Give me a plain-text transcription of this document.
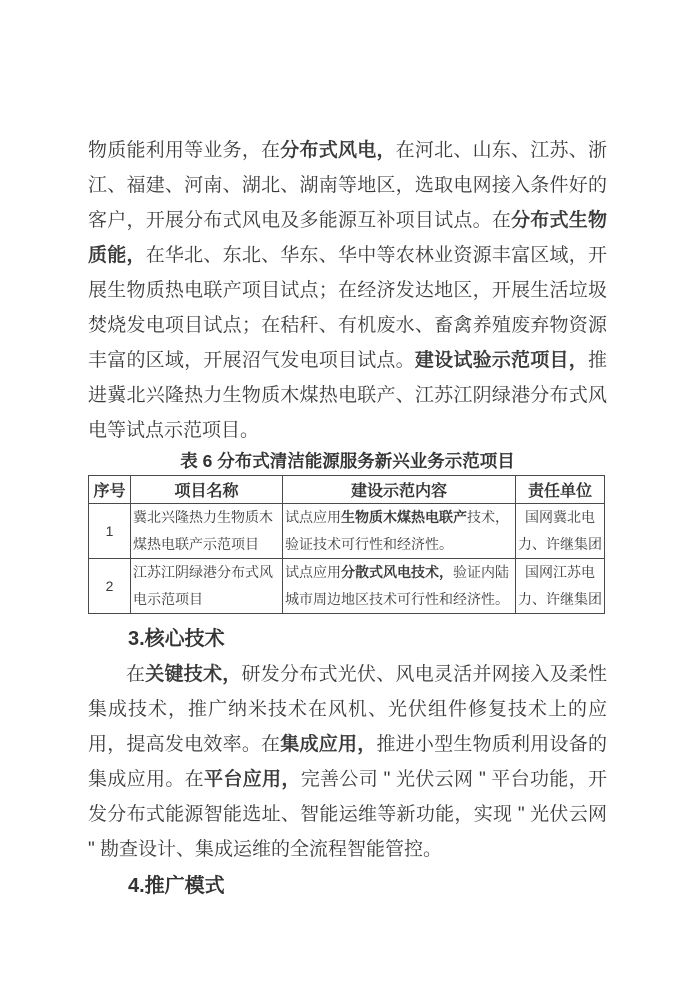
物质能利用等业务，在分布式风电，在河北、山东、江苏、浙江、福建、河南、湖北、湖南等地区，选取电网接入条件好的客户，开展分布式风电及多能源互补项目试点。在分布式生物质能，在华北、东北、华东、华中等农林业资源丰富区域，开展生物质热电联产项目试点；在经济发达地区，开展生活垃圾焚烧发电项目试点；在秸秆、有机废水、畜禽养殖废弃物资源丰富的区域，开展沼气发电项目试点。建设试验示范项目，推进冀北兴隆热力生物质木煤热电联产、江苏江阴绿港分布式风电等试点示范项目。

表 6 分布式清洁能源服务新兴业务示范项目
序号	项目名称	建设示范内容	责任单位
1	冀北兴隆热力生物质木煤热电联产示范项目	试点应用生物质木煤热电联产技术，验证技术可行性和经济性。	国网冀北电力、许继集团
2	江苏江阴绿港分布式风电示范项目	试点应用分散式风电技术，验证内陆城市周边地区技术可行性和经济性。	国网江苏电力、许继集团
3.核心技术

在关键技术，研发分布式光伏、风电灵活并网接入及柔性集成技术，推广纳米技术在风机、光伏组件修复技术上的应用，提高发电效率。在集成应用，推进小型生物质利用设备的集成应用。在平台应用，完善公司 " 光伏云网 " 平台功能，开发分布式能源智能选址、智能运维等新功能，实现 " 光伏云网 " 勘查设计、集成运维的全流程智能管控。

4.推广模式
